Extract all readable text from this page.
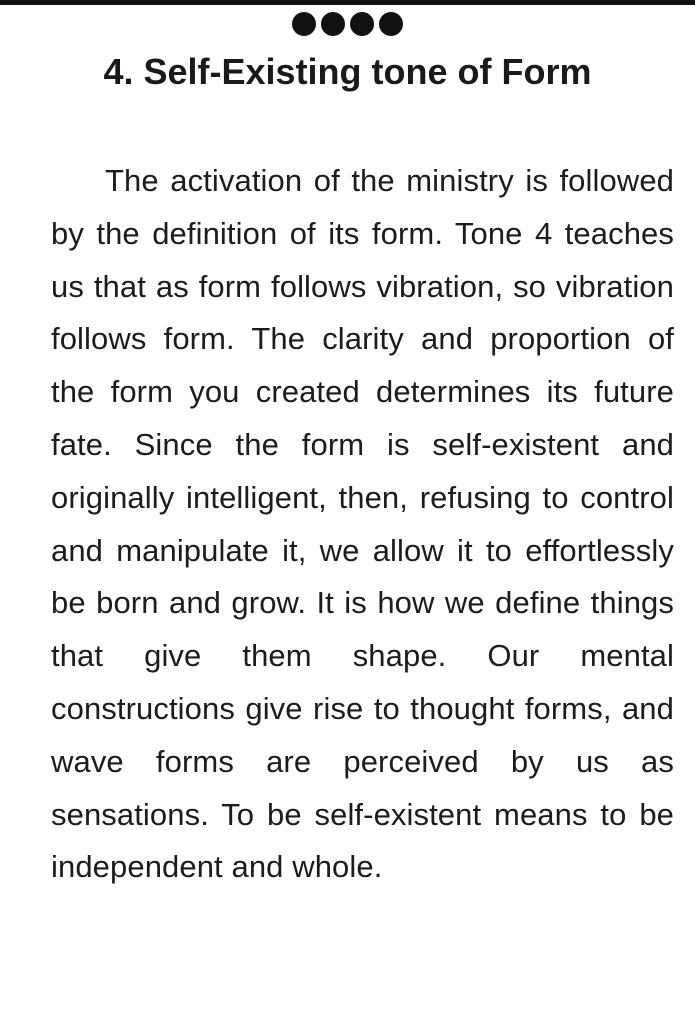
4. Self-Existing tone of Form

The activation of the ministry is followed by the definition of its form. Tone 4 teaches us that as form follows vibration, so vibration follows form. The clarity and proportion of the form you created determines its future fate. Since the form is self-existent and originally intelligent, then, refusing to control and manipulate it, we allow it to effortlessly be born and grow. It is how we define things that give them shape. Our mental constructions give rise to thought forms, and wave forms are perceived by us as sensations. To be self-existent means to be independent and whole.
